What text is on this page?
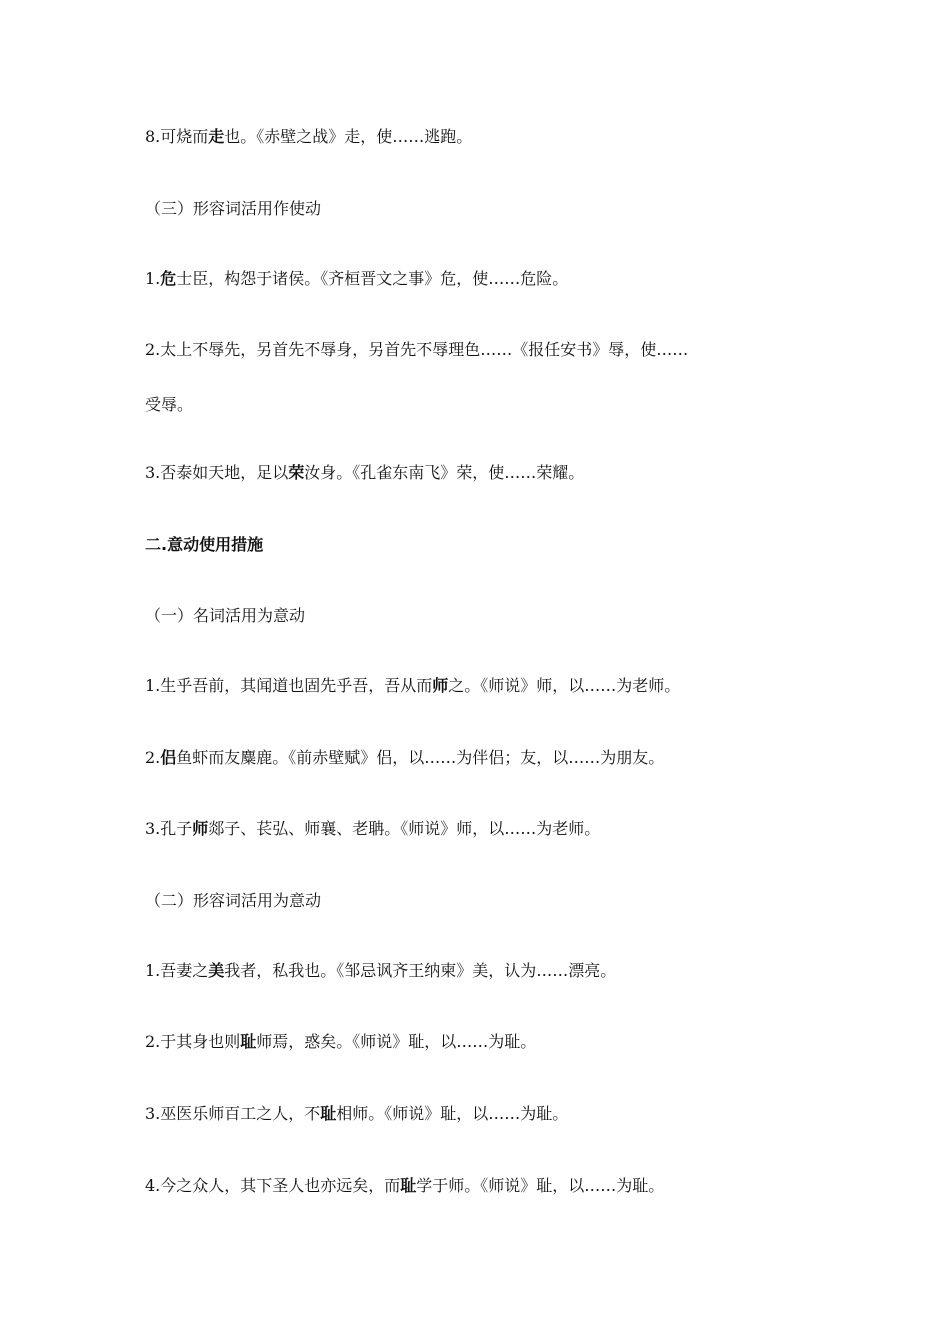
8.可烧而走也。《赤壁之战》走，使……逃跑。
（三）形容词活用作使动
1.危士臣，构怨于诸侯。《齐桓晋文之事》危，使……危险。
2.太上不辱先，另首先不辱身，另首先不辱理色……《报任安书》辱，使……
受辱。
3.否泰如天地，足以荣汝身。《孔雀东南飞》荣，使……荣耀。
二.意动使用措施
（一）名词活用为意动
1.生乎吾前，其闻道也固先乎吾，吾从而师之。《师说》师，以……为老师。
2.侣鱼虾而友麋鹿。《前赤壁赋》侣，以……为伴侣；友，以……为朋友。
3.孔子师郯子、苌弘、师襄、老聃。《师说》师，以……为老师。
（二）形容词活用为意动
1.吾妻之美我者，私我也。《邹忌讽齐王纳柬》美，认为……漂亮。
2.于其身也则耻师焉，惑矣。《师说》耻，以……为耻。
3.巫医乐师百工之人，不耻相师。《师说》耻，以……为耻。
4.今之众人，其下圣人也亦远矣，而耻学于师。《师说》耻，以……为耻。
